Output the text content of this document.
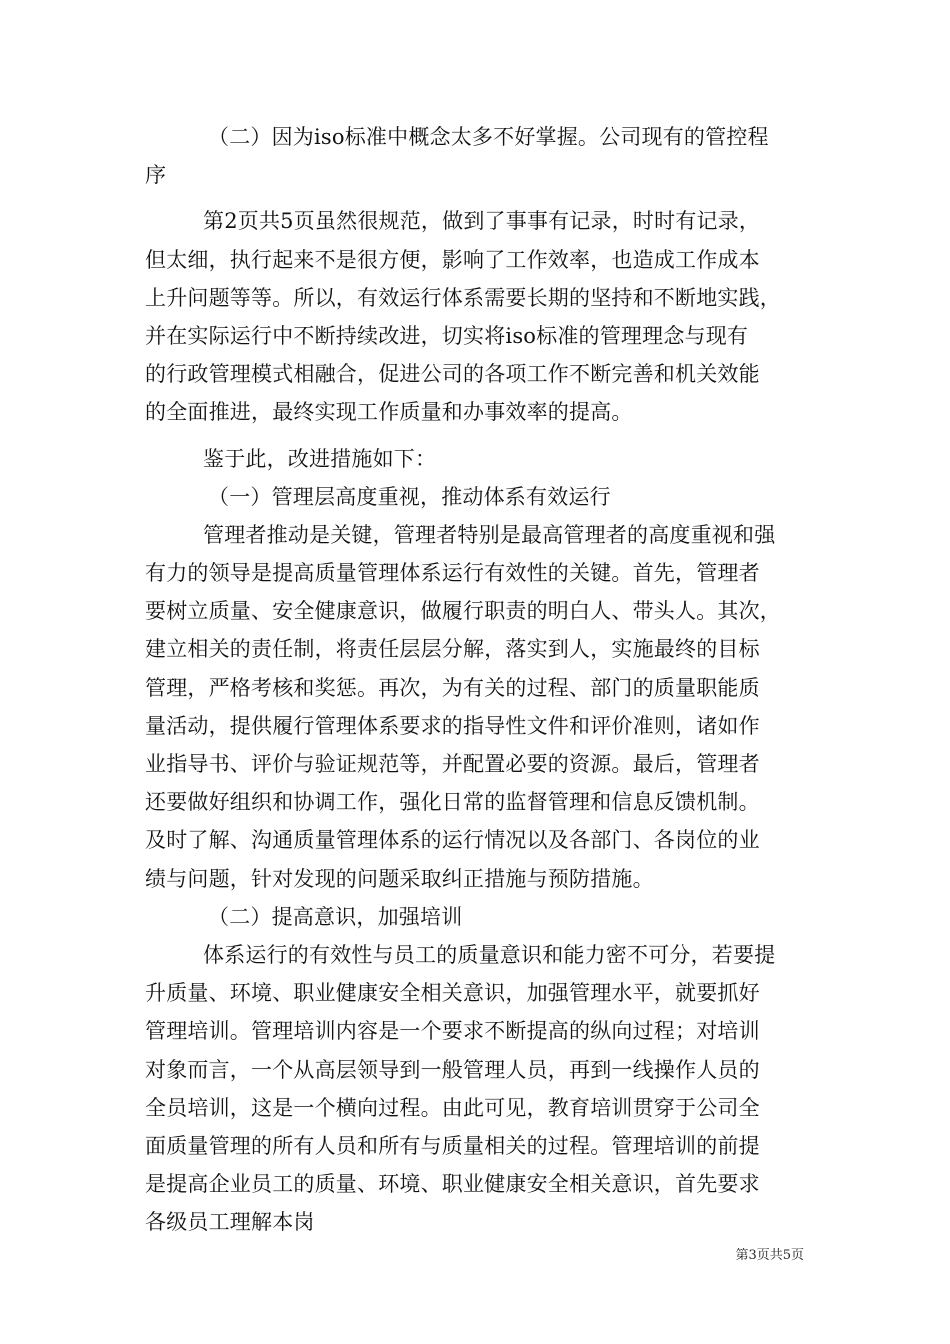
（二）因为iso标准中概念太多不好掌握。公司现有的管控程
序
第2页共5页虽然很规范，做到了事事有记录，时时有记录，
但太细，执行起来不是很方便，影响了工作效率，也造成工作成本
上升问题等等。所以，有效运行体系需要长期的坚持和不断地实践，
并在实际运行中不断持续改进，切实将iso标准的管理理念与现有
的行政管理模式相融合，促进公司的各项工作不断完善和机关效能
的全面推进，最终实现工作质量和办事效率的提高。
鉴于此，改进措施如下：
（一）管理层高度重视，推动体系有效运行
管理者推动是关键，管理者特别是最高管理者的高度重视和强
有力的领导是提高质量管理体系运行有效性的关键。首先，管理者
要树立质量、安全健康意识，做履行职责的明白人、带头人。其次，
建立相关的责任制，将责任层层分解，落实到人，实施最终的目标
管理，严格考核和奖惩。再次，为有关的过程、部门的质量职能质
量活动，提供履行管理体系要求的指导性文件和评价准则，诸如作
业指导书、评价与验证规范等，并配置必要的资源。最后，管理者
还要做好组织和协调工作，强化日常的监督管理和信息反馈机制。
及时了解、沟通质量管理体系的运行情况以及各部门、各岗位的业
绩与问题，针对发现的问题采取纠正措施与预防措施。
（二）提高意识，加强培训
体系运行的有效性与员工的质量意识和能力密不可分，若要提
升质量、环境、职业健康安全相关意识，加强管理水平，就要抓好
管理培训。管理培训内容是一个要求不断提高的纵向过程；对培训
对象而言，一个从高层领导到一般管理人员，再到一线操作人员的
全员培训，这是一个横向过程。由此可见，教育培训贯穿于公司全
面质量管理的所有人员和所有与质量相关的过程。管理培训的前提
是提高企业员工的质量、环境、职业健康安全相关意识，首先要求
各级员工理解本岗
第3页共5页
